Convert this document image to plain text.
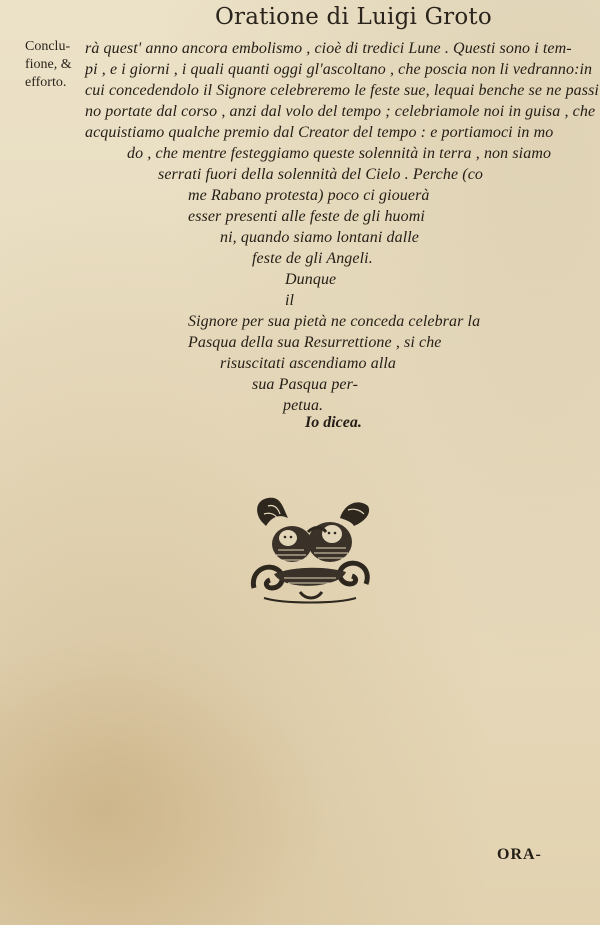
Oratione di Luigi Groto
Conclu-
fione, &
effortо.
rà quest' anno ancora embolismo , cioè di tredici Lune . Questi sono i tem-
pi , e i giorni , i quali quanti oggi gl'ascoltano , che poscia non li vedranno:in
cui concedendolo il Signore celebreremo le feste sue, lequai benche se ne passi
no portate dal corso , anzi dal volo del tempo ; celebriamole noi in guisa , che
acquistiamo qualche premio dal Creator del tempo : e portiamoci in mo
do , che mentre festeggiamo queste solennità in terra , non siamo
serrati fuori della solennità del Cielo . Perche (co
me Rabano protesta) poco ci giouerà
esser presenti alle feste de gli huomi
ni, quando siamo lontani dalle
feste de gli Angeli.
Dunque
il
Signore per sua pietà ne conceda celebrar la
Pasqua della sua Resurrettione , si che
risuscitati ascendiamo alla
sua Pasqua per-
petua.
Io dicea.
ORA-
